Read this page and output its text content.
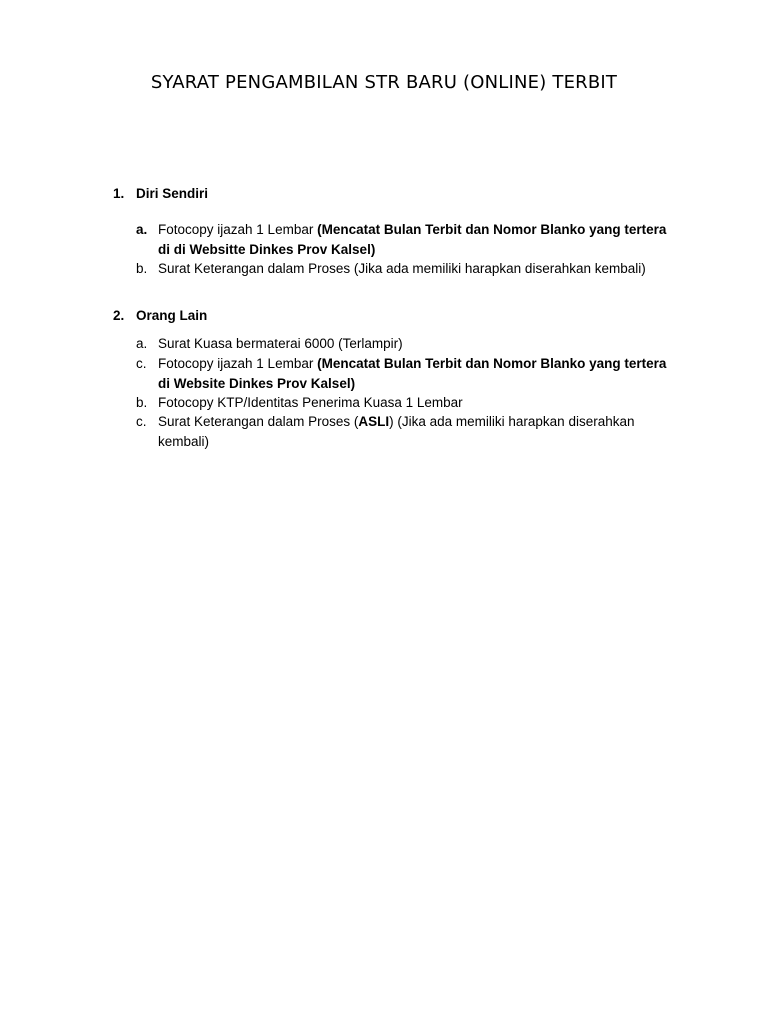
SYARAT PENGAMBILAN STR BARU (ONLINE) TERBIT
1. Diri Sendiri
a. Fotocopy ijazah 1 Lembar (Mencatat Bulan Terbit dan Nomor Blanko yang tertera di di Websitte Dinkes Prov Kalsel)
b. Surat Keterangan dalam Proses (Jika ada memiliki harapkan diserahkan kembali)
2. Orang Lain
a. Surat Kuasa bermaterai 6000 (Terlampir)
c. Fotocopy ijazah 1 Lembar (Mencatat Bulan Terbit dan Nomor Blanko yang tertera di Website Dinkes Prov Kalsel)
b. Fotocopy KTP/Identitas Penerima Kuasa 1 Lembar
c. Surat Keterangan dalam Proses (ASLI) (Jika ada memiliki harapkan diserahkan kembali)
